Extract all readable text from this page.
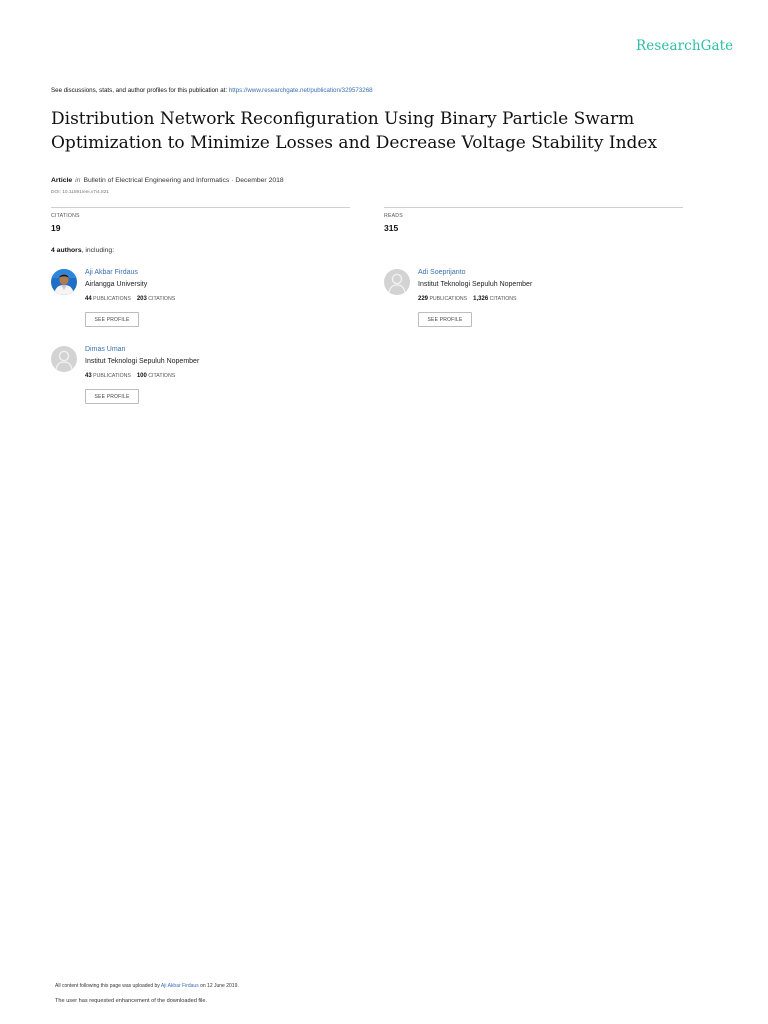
ResearchGate
See discussions, stats, and author profiles for this publication at: https://www.researchgate.net/publication/329573268
Distribution Network Reconfiguration Using Binary Particle Swarm Optimization to Minimize Losses and Decrease Voltage Stability Index
Article in Bulletin of Electrical Engineering and Informatics · December 2018
DOI: 10.11591/eei.v7i4.821
CITATIONS
19
READS
315
4 authors, including:
Aji Akbar Firdaus
Airlangga University
44 PUBLICATIONS 203 CITATIONS
SEE PROFILE
Adi Soeprijanto
Institut Teknologi Sepuluh Nopember
229 PUBLICATIONS 1,326 CITATIONS
SEE PROFILE
Dimas Uman
Institut Teknologi Sepuluh Nopember
43 PUBLICATIONS 100 CITATIONS
SEE PROFILE
All content following this page was uploaded by Aji Akbar Firdaus on 12 June 2019.
The user has requested enhancement of the downloaded file.
